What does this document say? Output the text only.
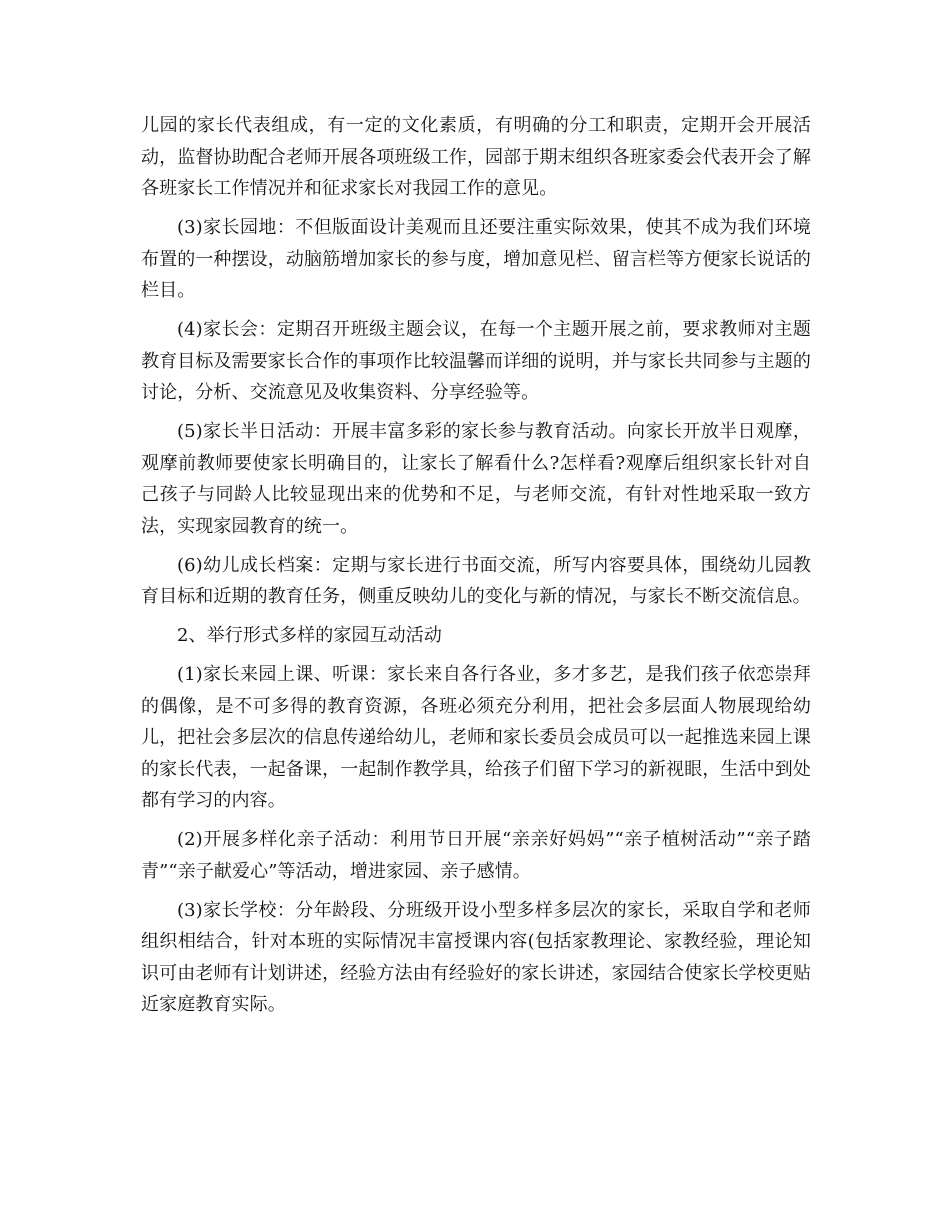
儿园的家长代表组成，有一定的文化素质，有明确的分工和职责，定期开会开展活动，监督协助配合老师开展各项班级工作，园部于期末组织各班家委会代表开会了解各班家长工作情况并和征求家长对我园工作的意见。

(3)家长园地：不但版面设计美观而且还要注重实际效果，使其不成为我们环境布置的一种摆设，动脑筋增加家长的参与度，增加意见栏、留言栏等方便家长说话的栏目。

(4)家长会：定期召开班级主题会议，在每一个主题开展之前，要求教师对主题教育目标及需要家长合作的事项作比较温馨而详细的说明，并与家长共同参与主题的讨论，分析、交流意见及收集资料、分享经验等。

(5)家长半日活动：开展丰富多彩的家长参与教育活动。向家长开放半日观摩，观摩前教师要使家长明确目的，让家长了解看什么?怎样看?观摩后组织家长针对自己孩子与同龄人比较显现出来的优势和不足，与老师交流，有针对性地采取一致方法，实现家园教育的统一。

(6)幼儿成长档案：定期与家长进行书面交流，所写内容要具体，围绕幼儿园教育目标和近期的教育任务，侧重反映幼儿的变化与新的情况，与家长不断交流信息。

2、举行形式多样的家园互动活动

(1)家长来园上课、听课：家长来自各行各业，多才多艺，是我们孩子依恋崇拜的偶像，是不可多得的教育资源，各班必须充分利用，把社会多层面人物展现给幼儿，把社会多层次的信息传递给幼儿，老师和家长委员会成员可以一起推选来园上课的家长代表，一起备课，一起制作教学具，给孩子们留下学习的新视眼，生活中到处都有学习的内容。

(2)开展多样化亲子活动：利用节日开展“亲亲好妈妈”“亲子植树活动”“亲子踏青”“亲子献爱心”等活动，增进家园、亲子感情。

(3)家长学校：分年龄段、分班级开设小型多样多层次的家长，采取自学和老师组织相结合，针对本班的实际情况丰富授课内容(包括家教理论、家教经验，理论知识可由老师有计划讲述，经验方法由有经验好的家长讲述，家园结合使家长学校更贴近家庭教育实际。
